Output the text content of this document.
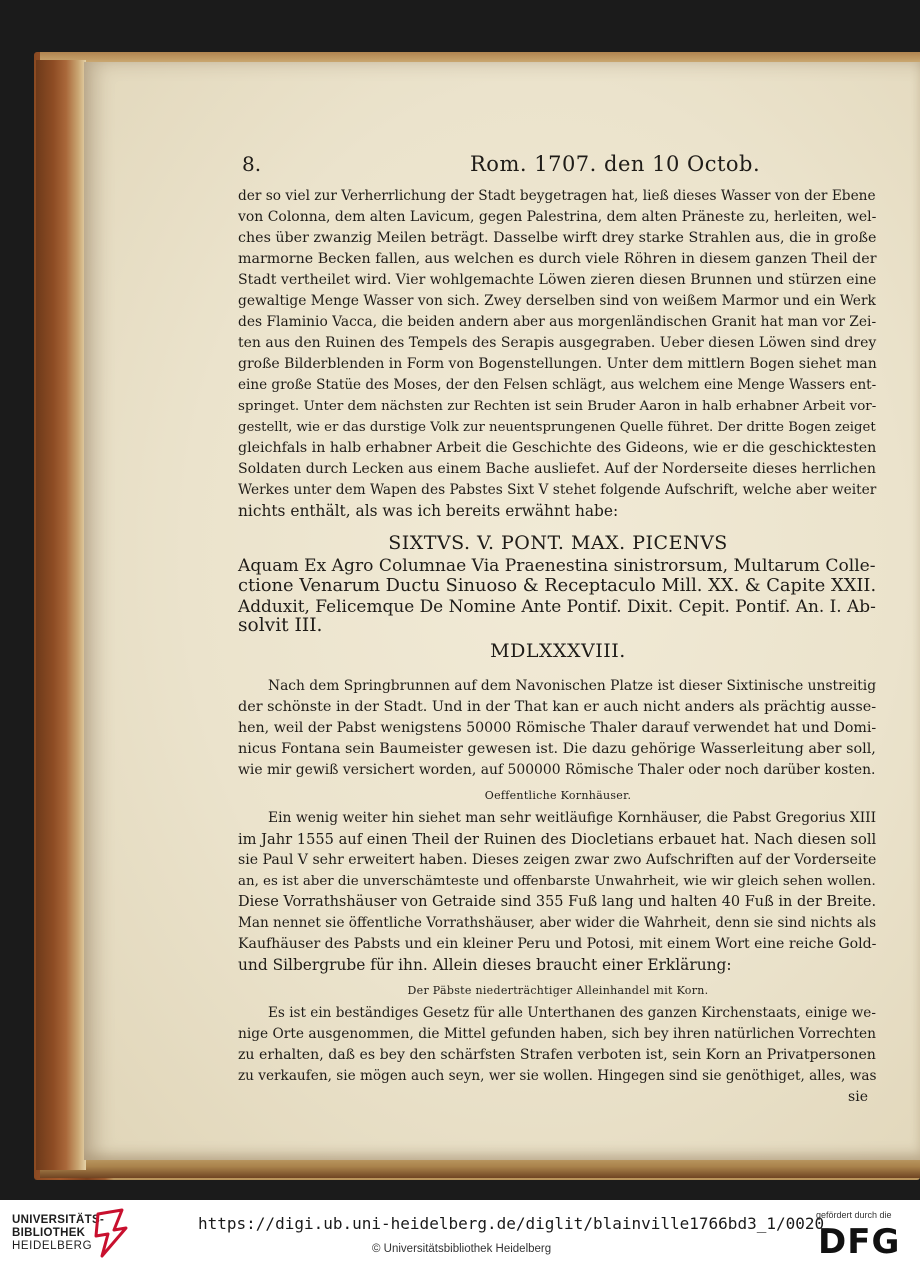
8.	Rom. 1707. den 10 Octob.
der so viel zur Verherrlichung der Stadt beygetragen hat, ließ dieses Wasser von der Ebene
von Colonna, dem alten Lavicum, gegen Palestrina, dem alten Präneste zu, herleiten, wel-
ches über zwanzig Meilen beträgt. Dasselbe wirft drey starke Strahlen aus, die in große
marmorne Becken fallen, aus welchen es durch viele Röhren in diesem ganzen Theil der
Stadt vertheilet wird. Vier wohlgemachte Löwen zieren diesen Brunnen und stürzen eine
gewaltige Menge Wasser von sich. Zwey derselben sind von weißem Marmor und ein Werk
des Flaminio Vacca, die beiden andern aber aus morgenländischen Granit hat man vor Zei-
ten aus den Ruinen des Tempels des Serapis ausgegraben. Ueber diesen Löwen sind drey
große Bilderblenden in Form von Bogenstellungen. Unter dem mittlern Bogen siehet man
eine große Statüe des Moses, der den Felsen schlägt, aus welchem eine Menge Wassers ent-
springet. Unter dem nächsten zur Rechten ist sein Bruder Aaron in halb erhabner Arbeit vor-
gestellt, wie er das durstige Volk zur neuentsprungenen Quelle führet. Der dritte Bogen zeiget
gleichfals in halb erhabner Arbeit die Geschichte des Gideons, wie er die geschicktesten
Soldaten durch Lecken aus einem Bache ausliefet. Auf der Norderseite dieses herrlichen
Werkes unter dem Wapen des Pabstes Sixt V stehet folgende Aufschrift, welche aber weiter
nichts enthält, als was ich bereits erwähnt habe:
SIXTVS. V. PONT. MAX. PICENVS
Aquam Ex Agro Columnae Via Praenestina sinistrorsum, Multarum Colle-
ctione Venarum Ductu Sinuoso & Receptaculo Mill. XX. & Capite XXII.
Adduxit, Felicemque De Nomine Ante Pontif. Dixit. Cepit. Pontif. An. I. Ab-
solvit III.
MDLXXXVIII.
Nach dem Springbrunnen auf dem Navonischen Platze ist dieser Sixtinische unstreitig
der schönste in der Stadt. Und in der That kan er auch nicht anders als prächtig ausse-
hen, weil der Pabst wenigstens 50000 Römische Thaler darauf verwendet hat und Domi-
nicus Fontana sein Baumeister gewesen ist. Die dazu gehörige Wasserleitung aber soll,
wie mir gewiß versichert worden, auf 500000 Römische Thaler oder noch darüber kosten.
Oeffentliche Kornhäuser.
Ein wenig weiter hin siehet man sehr weitläufige Kornhäuser, die Pabst Gregorius XIII
im Jahr 1555 auf einen Theil der Ruinen des Diocletians erbauet hat. Nach diesen soll
sie Paul V sehr erweitert haben. Dieses zeigen zwar zwo Aufschriften auf der Vorderseite
an, es ist aber die unverschämteste und offenbarste Unwahrheit, wie wir gleich sehen wollen.
Diese Vorrathshäuser von Getraide sind 355 Fuß lang und halten 40 Fuß in der Breite.
Man nennet sie öffentliche Vorrathshäuser, aber wider die Wahrheit, denn sie sind nichts als
Kaufhäuser des Pabsts und ein kleiner Peru und Potosi, mit einem Wort eine reiche Gold-
und Silbergrube für ihn. Allein dieses braucht einer Erklärung:
Der Päbste niederträchtiger Alleinhandel mit Korn.
Es ist ein beständiges Gesetz für alle Unterthanen des ganzen Kirchenstaats, einige we-
nige Orte ausgenommen, die Mittel gefunden haben, sich bey ihren natürlichen Vorrechten
zu erhalten, daß es bey den schärfsten Strafen verboten ist, sein Korn an Privatpersonen
zu verkaufen, sie mögen auch seyn, wer sie wollen. Hingegen sind sie genöthiget, alles, was
sie
UNIVERSITÄTS-
BIBLIOTHEK
HEIDELBERG
https://digi.ub.uni-heidelberg.de/diglit/blainville1766bd3_1/0020
© Universitätsbibliothek Heidelberg
gefördert durch die
DFG
